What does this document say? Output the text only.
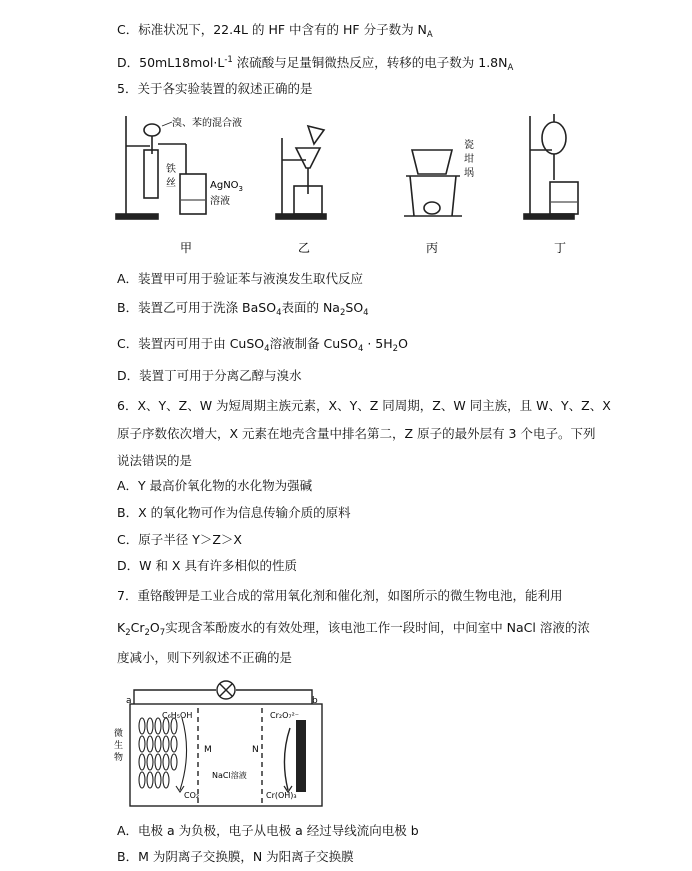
C．标准状况下，22.4L 的 HF 中含有的 HF 分子数为 $N_A$
D．$50mL18mol\cdot L^{-1}$ 浓硫酸与足量铜微热反应，转移的电子数为 $1.8N_A$
5．关于各实验装置的叙述正确的是
溴、苯的混合液
铁
丝	AgNO$_3$
溶液
瓷
坩
埚
甲	乙	丙	丁
A．装置甲可用于验证苯与液溴发生取代反应
B．装置乙可用于洗涤 BaSO$_4$表面的 $Na_2SO_4$
C．装置丙可用于由 CuSO$_4$溶液制备 CuSO$_4$ · $5H_2O$
D．装置丁可用于分离乙醇与溴水
6．X、Y、Z、W 为短周期主族元素，X、Y、Z 同周期，Z、W 同主族，且 W、Y、Z、X
原子序数依次增大，X 元素在地壳含量中排名第二，Z 原子的最外层有 3 个电子。下列
说法错误的是
A．Y 最高价氧化物的水化物为强碱
B．X 的氧化物可作为信息传输介质的原料
C．原子半径 Y＞Z＞X
D．W 和 X 具有许多相似的性质
7．重铬酸钾是工业合成的常用氧化剂和催化剂，如图所示的微生物电池，能利用
$K_2Cr_2O_7$实现含苯酚废水的有效处理，该电池工作一段时间，中间室中 NaCl 溶液的浓
度减小，则下列叙述不正确的是
a	b
微
生
物
C₆H₅OH	Cr₂O₇²⁻
M	N
NaCl溶液
CO₂	Cr(OH)₃
A．电极 a 为负极，电子从电极 a 经过导线流向电极 b
B．M 为阴离子交换膜，N 为阳离子交换膜
